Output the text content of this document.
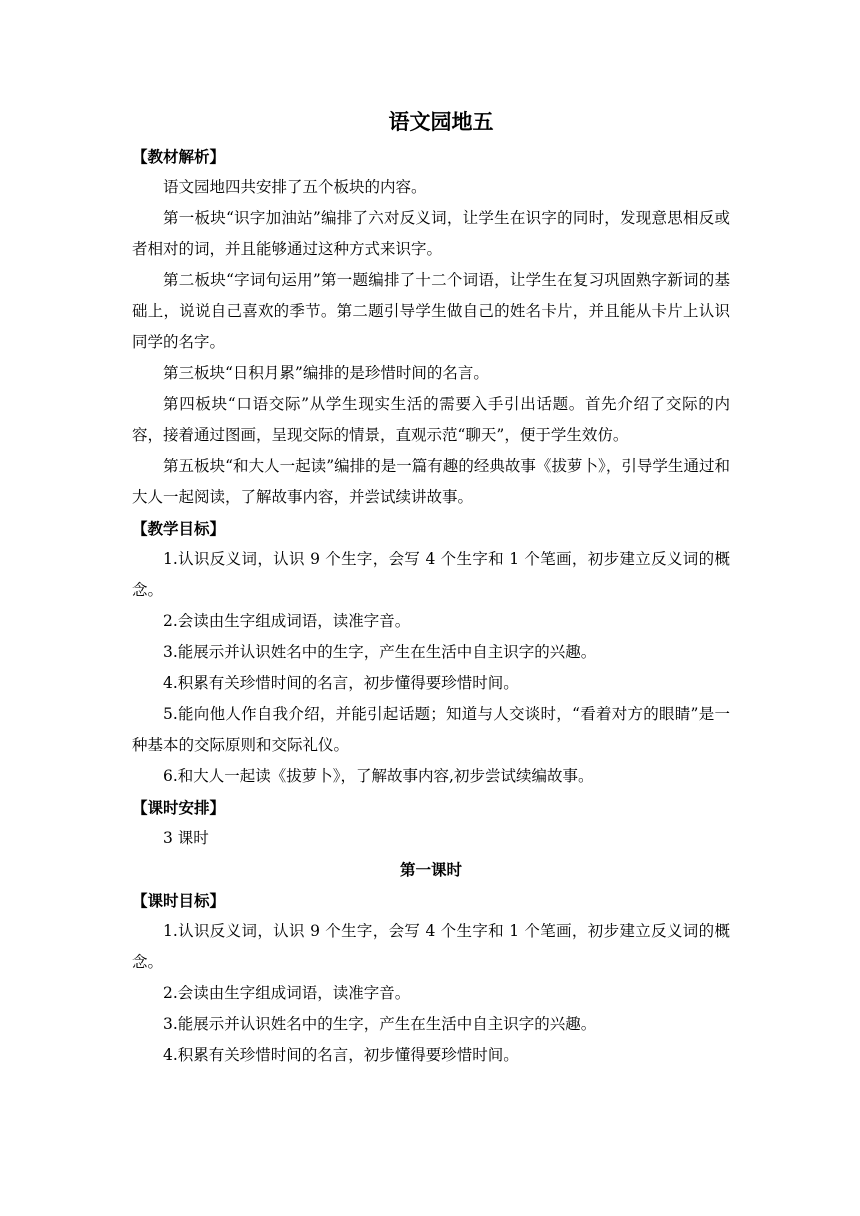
语文园地五
【教材解析】

语文园地四共安排了五个板块的内容。

第一板块“识字加油站”编排了六对反义词，让学生在识字的同时，发现意思相反或者相对的词，并且能够通过这种方式来识字。

第二板块“字词句运用”第一题编排了十二个词语，让学生在复习巩固熟字新词的基础上，说说自己喜欢的季节。第二题引导学生做自己的姓名卡片，并且能从卡片上认识同学的名字。

第三板块“日积月累”编排的是珍惜时间的名言。

第四板块“口语交际”从学生现实生活的需要入手引出话题。首先介绍了交际的内容，接着通过图画，呈现交际的情景，直观示范“聊天”，便于学生效仿。

第五板块“和大人一起读”编排的是一篇有趣的经典故事《拔萝卜》，引导学生通过和大人一起阅读，了解故事内容，并尝试续讲故事。

【教学目标】

1.认识反义词，认识 9 个生字，会写 4 个生字和 1 个笔画，初步建立反义词的概念。

2.会读由生字组成词语，读准字音。

3.能展示并认识姓名中的生字，产生在生活中自主识字的兴趣。

4.积累有关珍惜时间的名言，初步懂得要珍惜时间。

5.能向他人作自我介绍，并能引起话题；知道与人交谈时，“看着对方的眼睛”是一种基本的交际原则和交际礼仪。

6.和大人一起读《拔萝卜》，了解故事内容,初步尝试续编故事。

【课时安排】

3 课时

第一课时
【课时目标】

1.认识反义词，认识 9 个生字，会写 4 个生字和 1 个笔画，初步建立反义词的概念。

2.会读由生字组成词语，读准字音。

3.能展示并认识姓名中的生字，产生在生活中自主识字的兴趣。

4.积累有关珍惜时间的名言，初步懂得要珍惜时间。
